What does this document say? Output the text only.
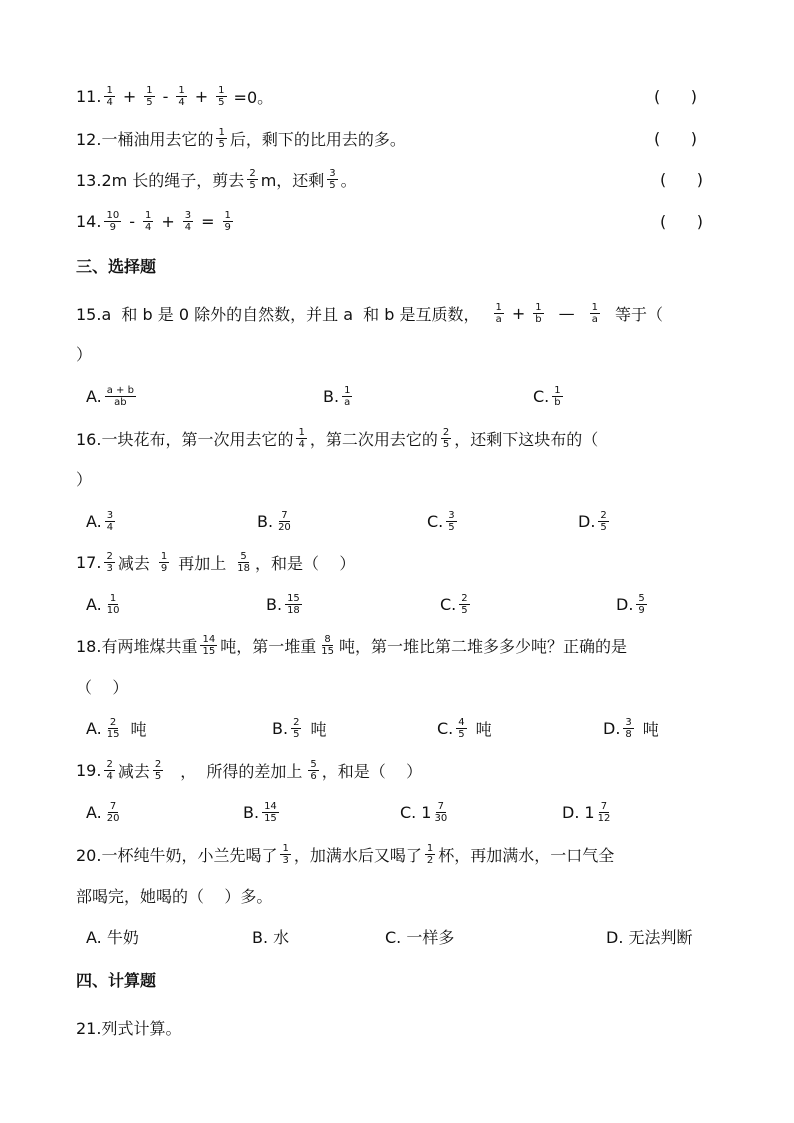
11. 1
$4 + \frac{1}{5} - 1$
$4 + \frac{1}{5} =0$。	(      )
12.一桶油用去它的 1
5 后，剩下的比用去的多。	(      )
13.2m 长的绳子，剪去 2
5 m，还剩 3
5 。	(      )
14. 10
9 - 1
$4 + \frac{3}{4} = \frac{1}{9}$	(      )
三、选择题
15.a  和 b 是 0 除外的自然数，并且 a  和 b 是互质数， 1
$a + \frac{1}{b}$ — 1
a 等于（
）
A. a + b
ab	B. 1
a	C. 1
b
16.一块花布，第一次用去它的 1
4 ，第二次用去它的 2
5 ，还剩下这块布的（
）
A. 3
4	B. 7
20	C. 3
5	D. 2
5
17. 2
3 减去 1
9 再加上 5
18 ，和是（    ）
A. 1
10	B. 15
18	C. 2
5	D. 5
9
18.有两堆煤共重 14
15 吨，第一堆重 8
15 吨，第一堆比第二堆多多少吨？正确的是
（    ）
A. 2
15 吨	B. 2
5 吨	C. 4
5 吨	D. 3
8 吨
19. 2
4 减去 2
5 ，  所得的差加上 5
6 ，和是（    ）
A. 7
20	B. 14
15	C. 1 7
30	D. 1 7
12
20.一杯纯牛奶，小兰先喝了 1
3 ，加满水后又喝了 1
2 杯，再加满水，一口气全
部喝完，她喝的（    ）多。
A. 牛奶	B. 水	C. 一样多	D. 无法判断
四、计算题
21.列式计算。
